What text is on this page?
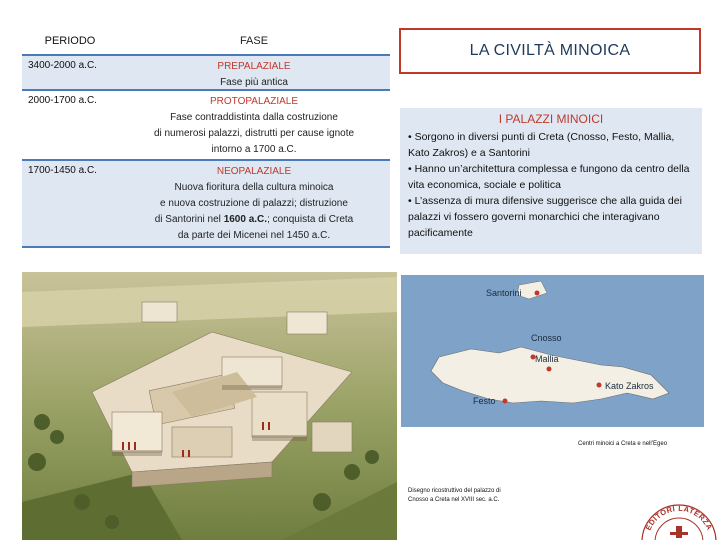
PERIODO	FASE
3400-2000 a.C.	PREPALAZIALE
Fase più antica
2000-1700 a.C.	PROTOPALAZIALE
Fase contraddistinta dalla costruzione
di numerosi palazzi, distrutti per cause ignote
intorno a 1700 a.C.
1700-1450 a.C.	NEOPALAZIALE
Nuova fioritura della cultura minoica
e nuova costruzione di palazzi; distruzione
di Santorini nel 1600 a.C.; conquista di Creta
da parte dei Micenei nel 1450 a.C.
LA CIVILTÀ MINOICA
I PALAZZI MINOICI

• Sorgono in diversi punti di Creta (Cnosso, Festo, Mallia, Kato Zakros) e a Santorini

• Hanno un’architettura complessa e fungono da centro della vita economica, sociale e politica

• L’assenza di mura difensive suggerisce che alla guida dei palazzi vi fossero governi monarchici che interagivano pacificamente

Santorini
Cnosso
Mallia
Kato Zakros
Festo
Centri minoici a Creta e nell’Egeo
Disegno ricostruttivo del palazzo di
Cnosso a Creta nel XVIII sec. a.C.
EDITORI LATERZA
